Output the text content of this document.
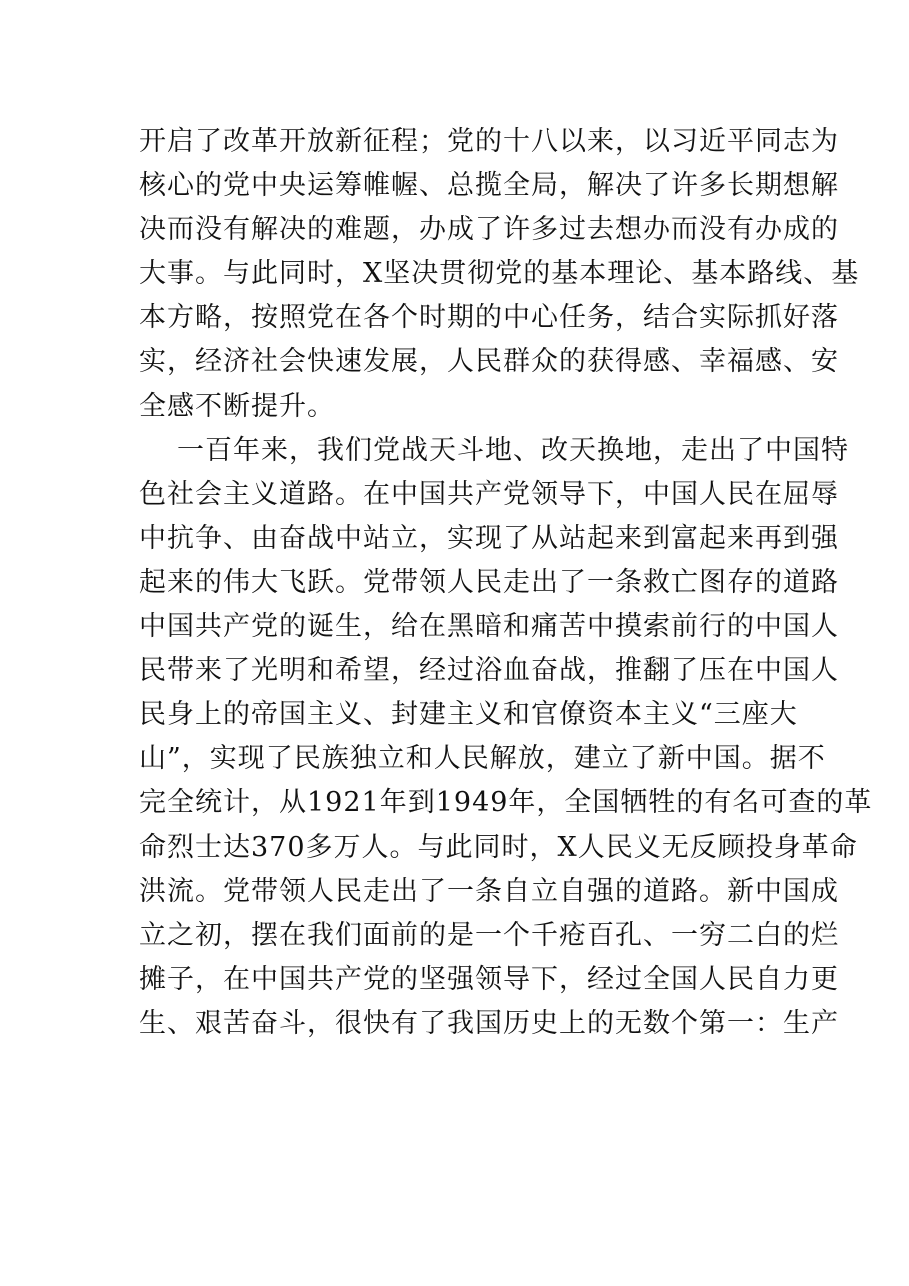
开启了改革开放新征程；党的十八以来，以习近平同志为
核心的党中央运筹帷幄、总揽全局，解决了许多长期想解
决而没有解决的难题，办成了许多过去想办而没有办成的
大事。与此同时，X坚决贯彻党的基本理论、基本路线、基
本方略，按照党在各个时期的中心任务，结合实际抓好落
实，经济社会快速发展，人民群众的获得感、幸福感、安
全感不断提升。
一百年来，我们党战天斗地、改天换地，走出了中国特
色社会主义道路。在中国共产党领导下，中国人民在屈辱
中抗争、由奋战中站立，实现了从站起来到富起来再到强
起来的伟大飞跃。党带领人民走出了一条救亡图存的道路
中国共产党的诞生，给在黑暗和痛苦中摸索前行的中国人
民带来了光明和希望，经过浴血奋战，推翻了压在中国人
民身上的帝国主义、封建主义和官僚资本主义“三座大
山”，实现了民族独立和人民解放，建立了新中国。据不
完全统计，从1921年到1949年，全国牺牲的有名可查的革
命烈士达370多万人。与此同时，X人民义无反顾投身革命
洪流。党带领人民走出了一条自立自强的道路。新中国成
立之初，摆在我们面前的是一个千疮百孔、一穷二白的烂
摊子，在中国共产党的坚强领导下，经过全国人民自力更
生、艰苦奋斗，很快有了我国历史上的无数个第一：生产
